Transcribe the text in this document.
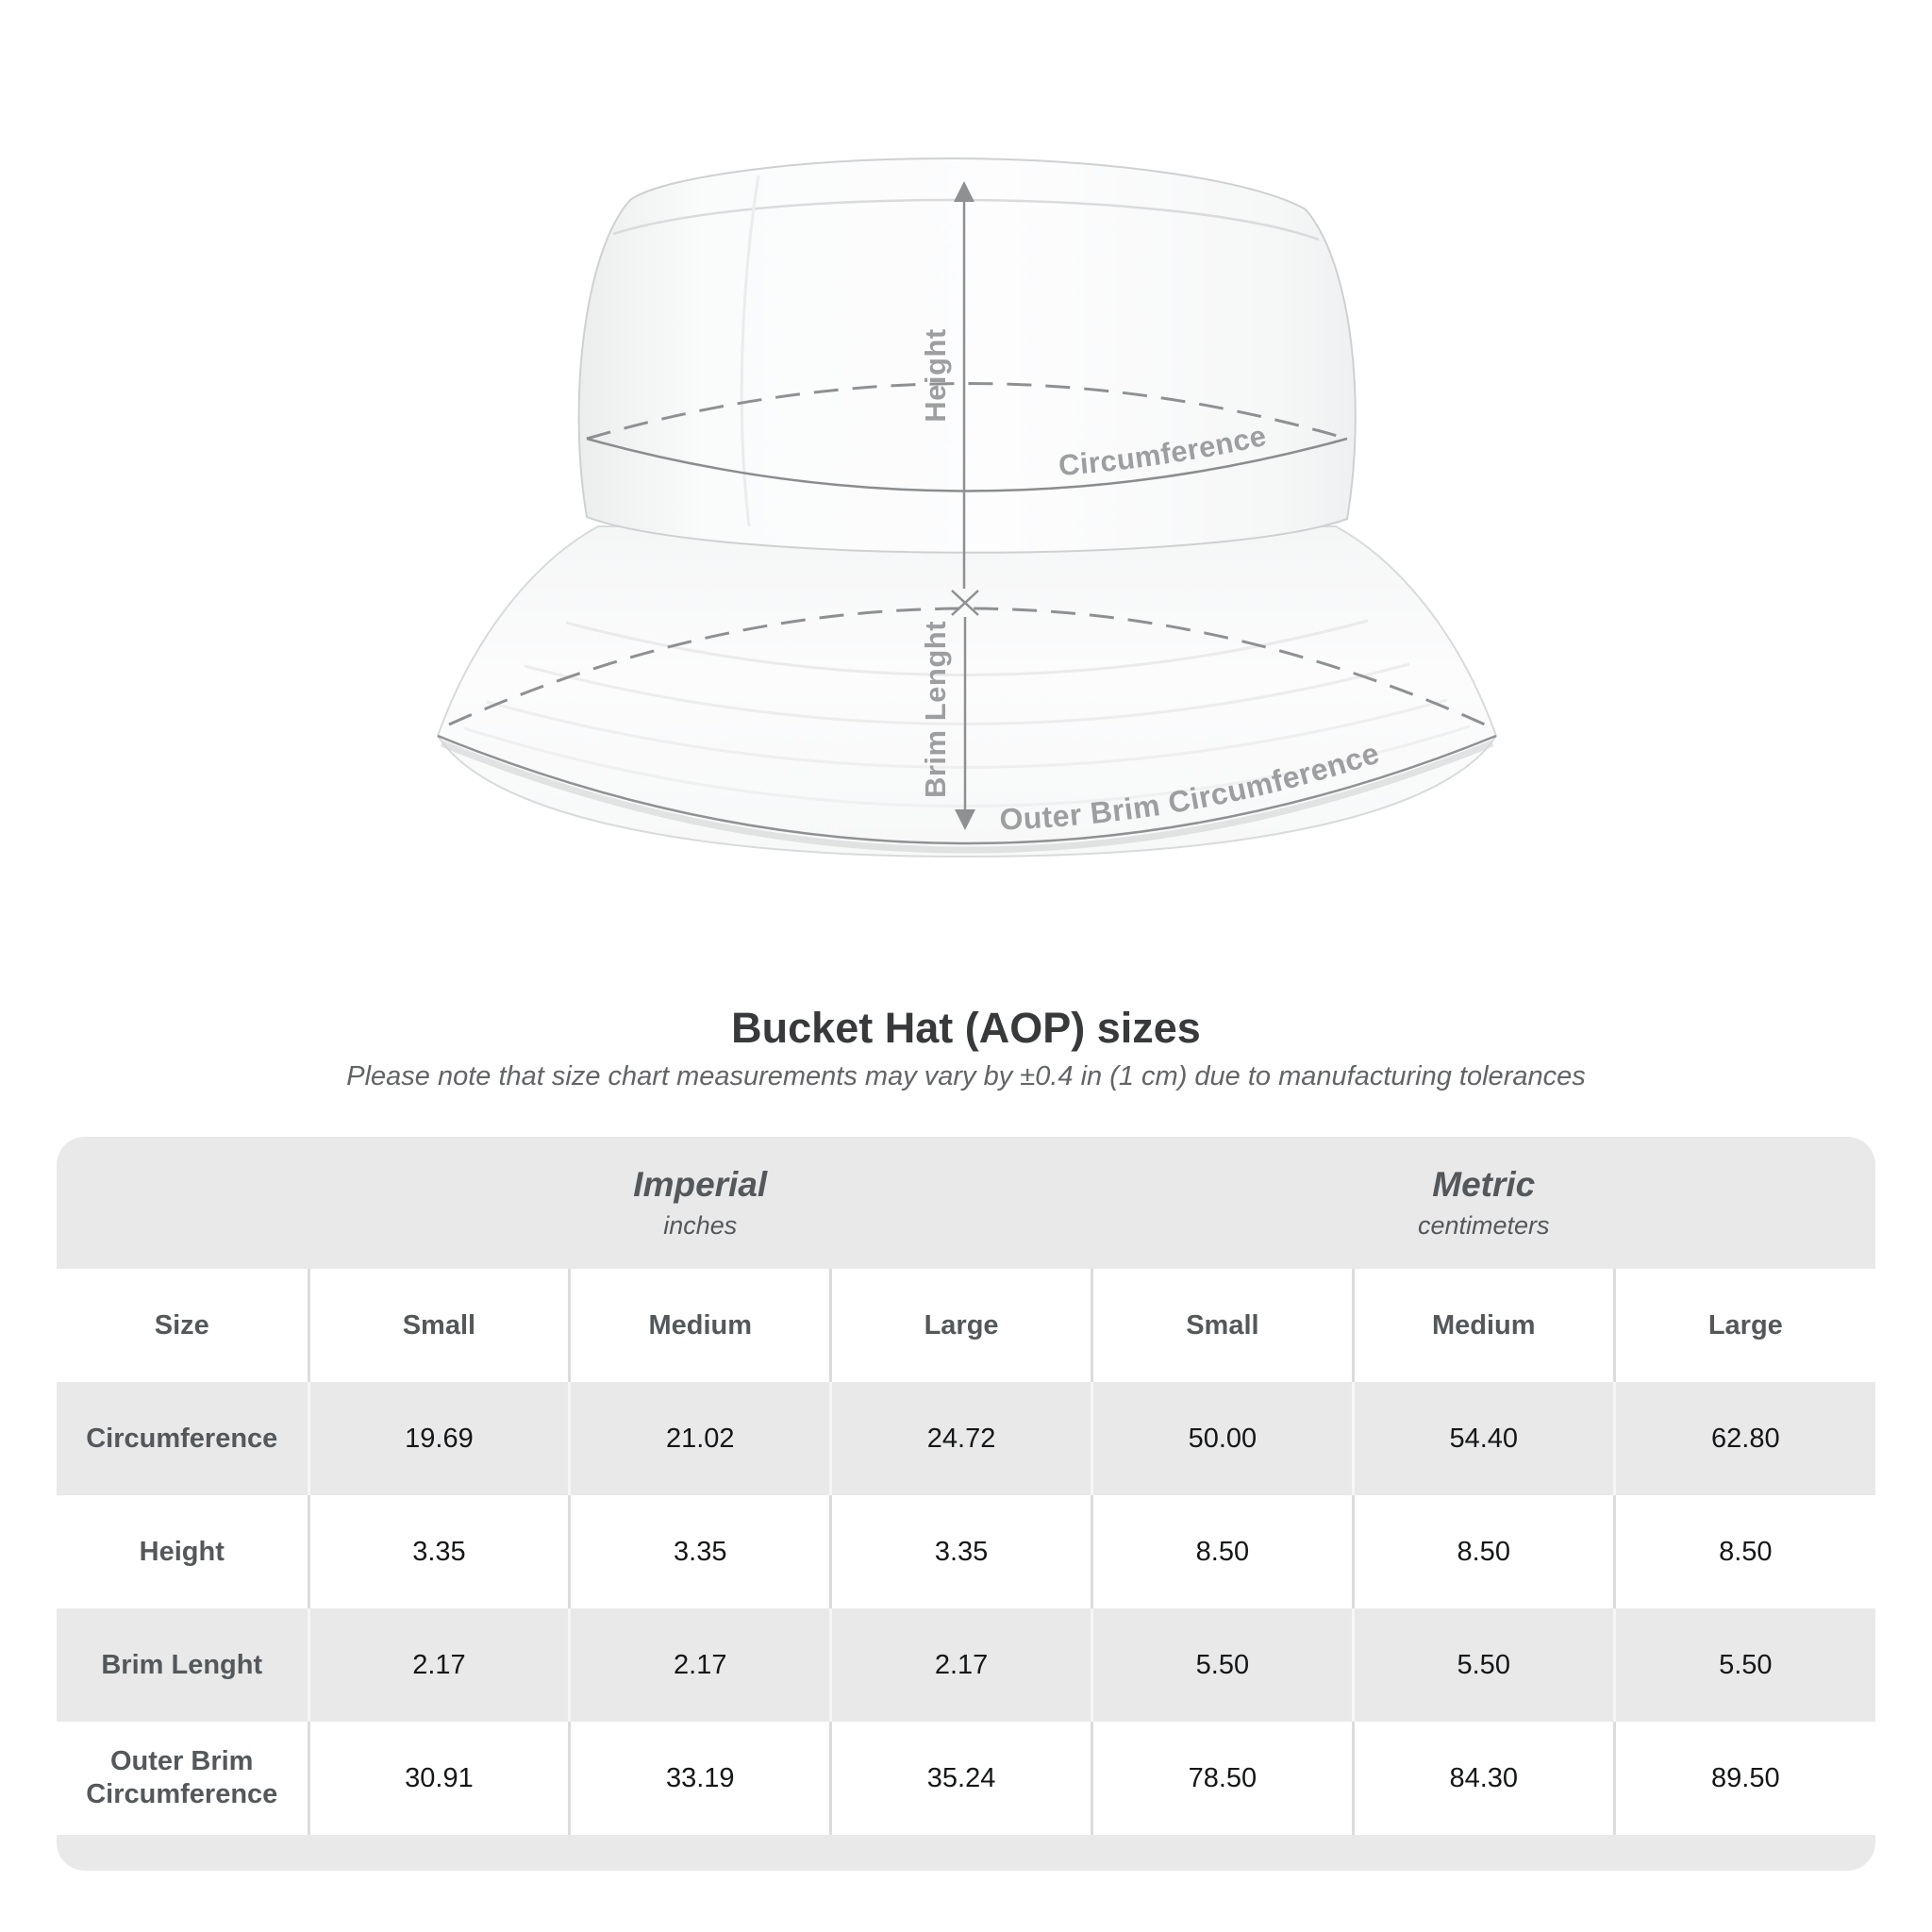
Height
Brim Lenght
Circumference
Outer Brim Circumference
Bucket Hat (AOP) sizes
Please note that size chart measurements may vary by ±0.4 in (1 cm) due to manufacturing tolerances
Imperial
inches
Metric
centimeters
Size	Small	Medium	Large	Small	Medium	Large
Circumference	19.69	21.02	24.72	50.00	54.40	62.80
Height	3.35	3.35	3.35	8.50	8.50	8.50
Brim Lenght	2.17	2.17	2.17	5.50	5.50	5.50
Outer Brim Circumference	30.91	33.19	35.24	78.50	84.30	89.50
